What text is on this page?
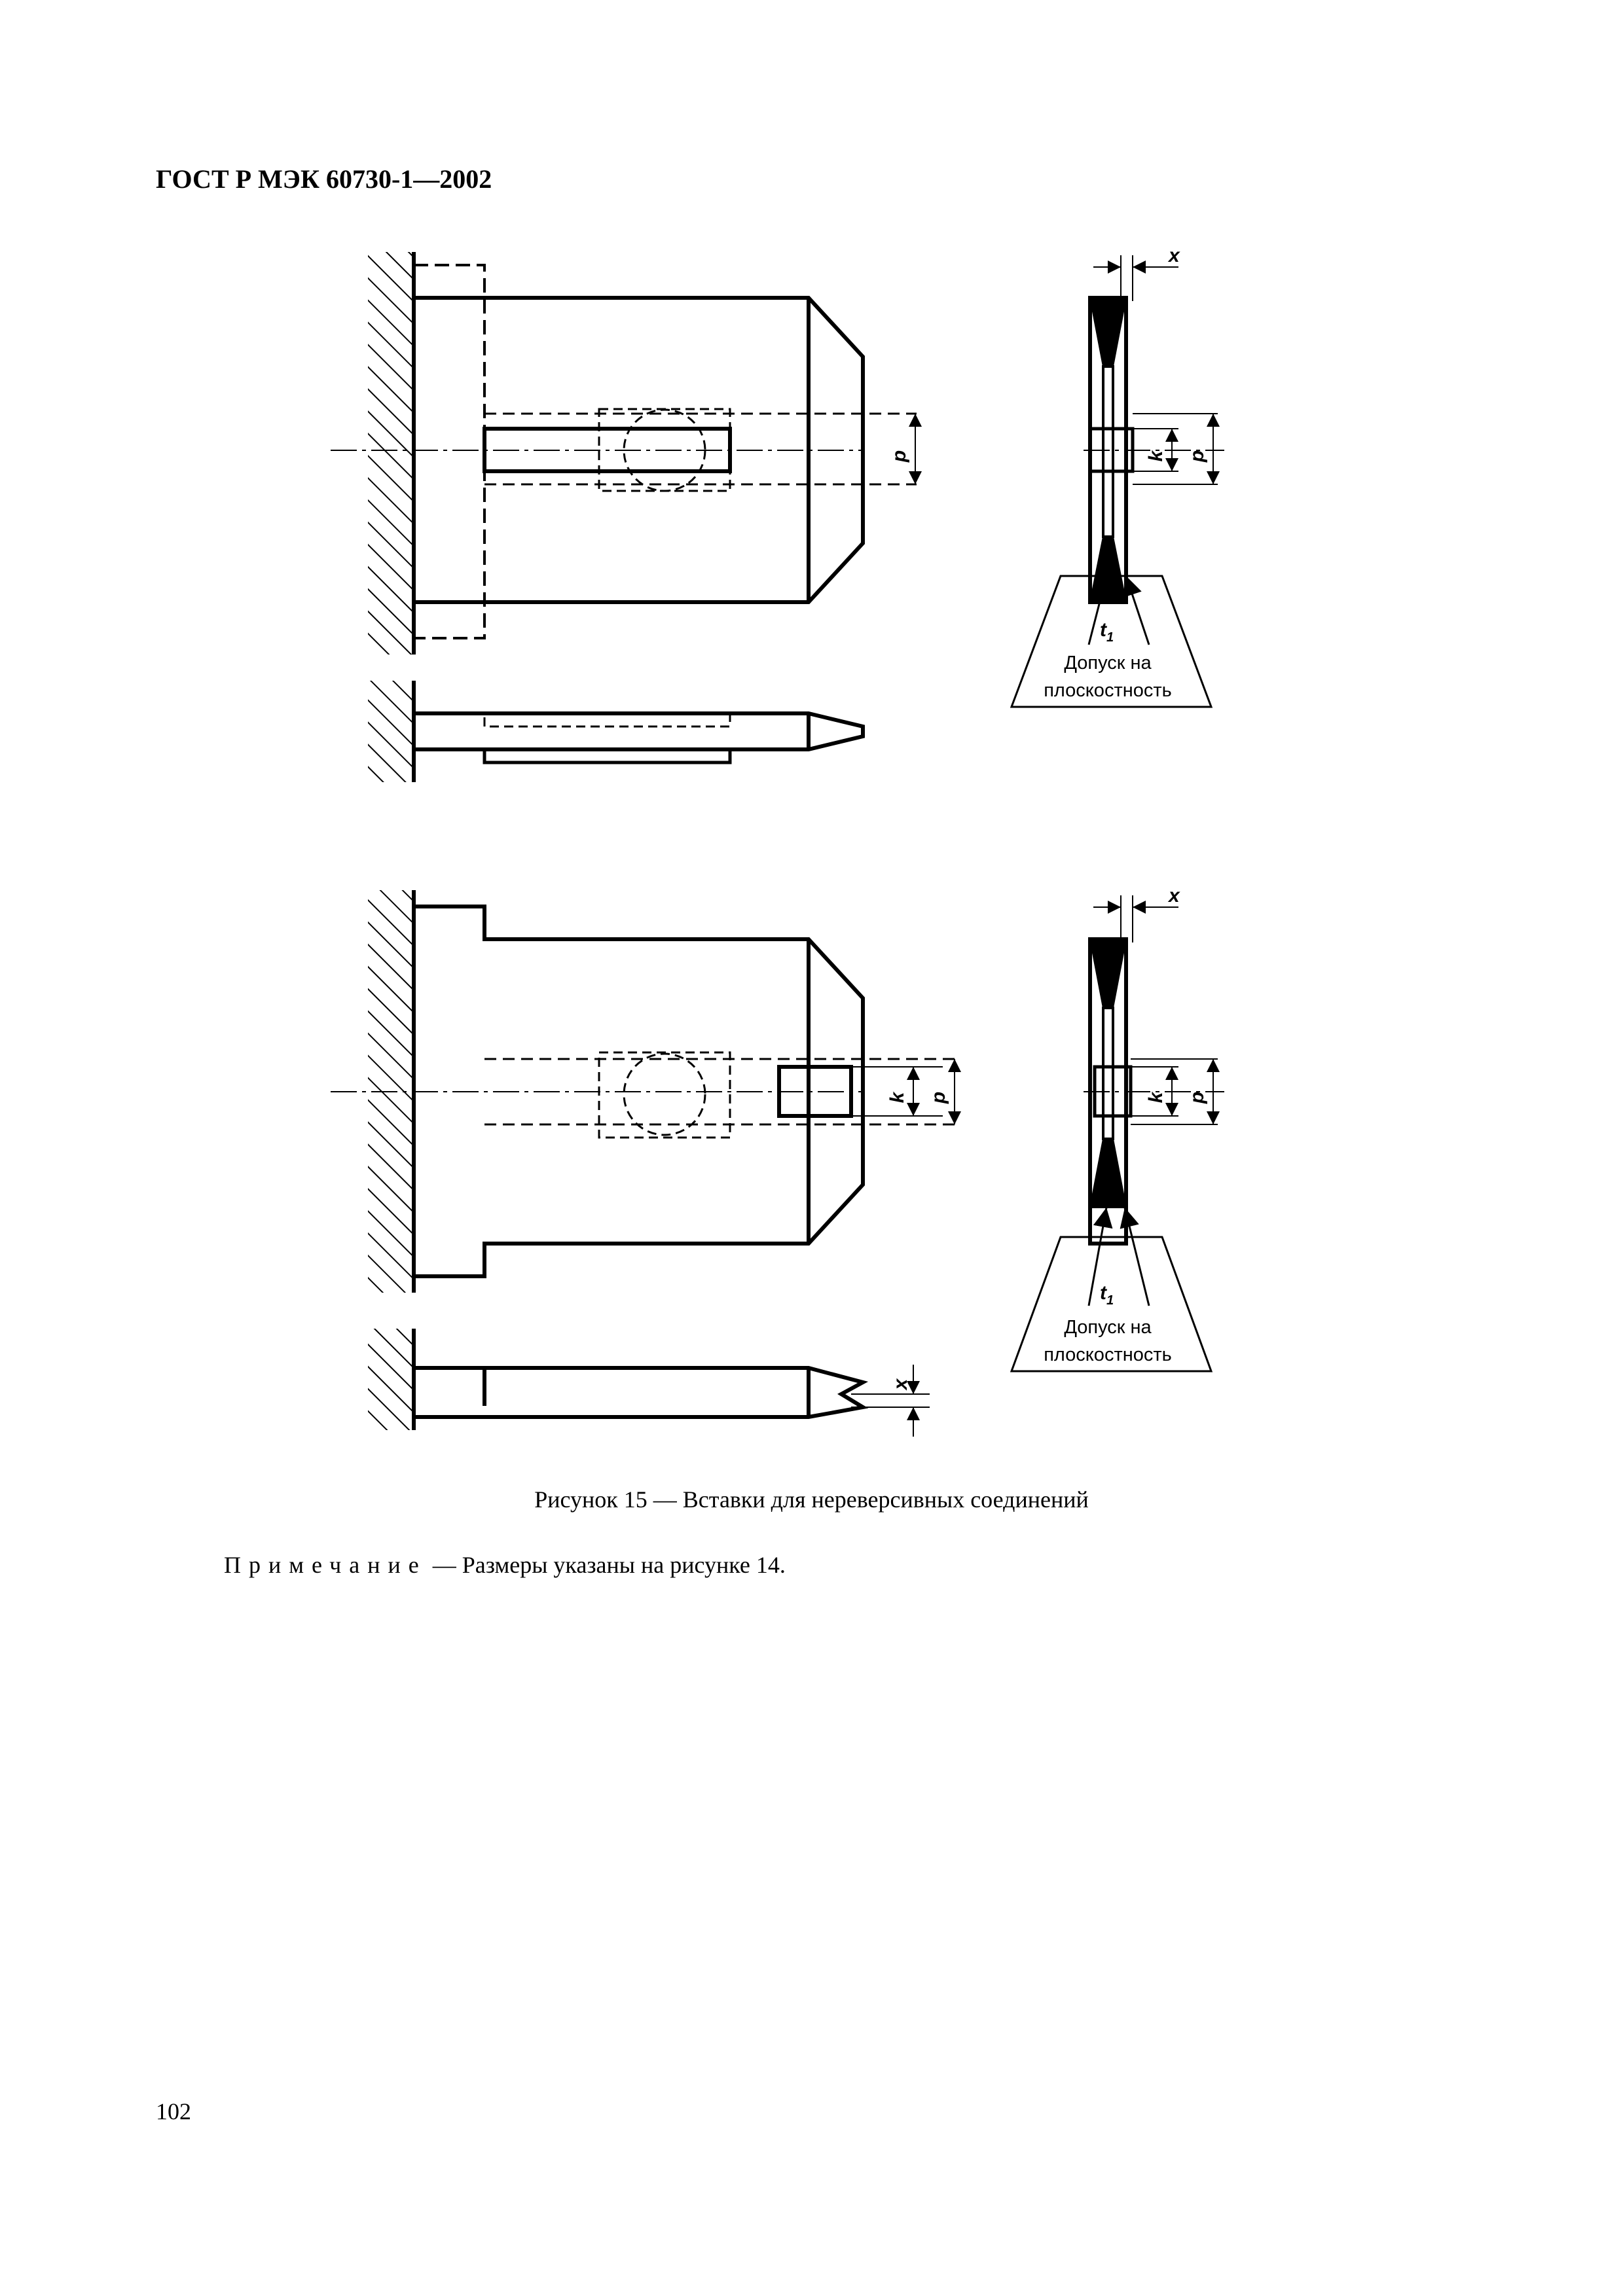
ГОСТ Р МЭК 60730-1—2002
p	k p
x
$t_1$
Допуск на
плоскостность
k p
x
k p
x
$t_1$
Допуск на
плоскостность
Рисунок 15 — Вставки для нереверсивных соединений
Примечание — Размеры указаны на рисунке 14.
102
